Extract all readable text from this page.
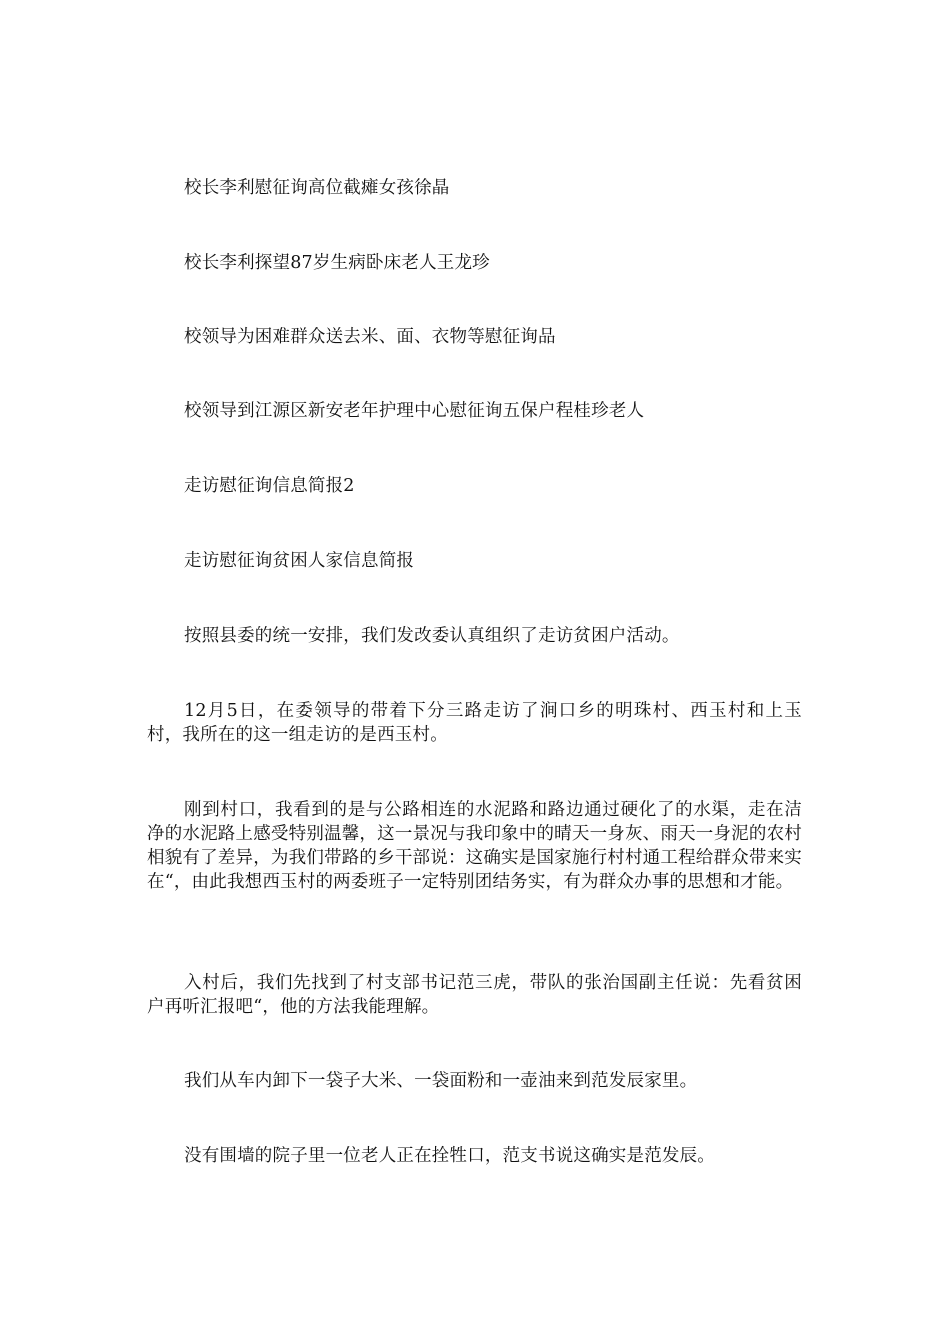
校长李利慰征询高位截瘫女孩徐晶

校长李利探望87岁生病卧床老人王龙珍

校领导为困难群众送去米、面、衣物等慰征询品

校领导到江源区新安老年护理中心慰征询五保户程桂珍老人

走访慰征询信息简报2

走访慰征询贫困人家信息简报

按照县委的统一安排，我们发改委认真组织了走访贫困户活动。

12月5日，在委领导的带着下分三路走访了涧口乡的明珠村、西玉村和上玉村，我所在的这一组走访的是西玉村。

刚到村口，我看到的是与公路相连的水泥路和路边通过硬化了的水渠，走在洁净的水泥路上感受特别温馨，这一景况与我印象中的晴天一身灰、雨天一身泥的农村相貌有了差异，为我们带路的乡干部说：这确实是国家施行村村通工程给群众带来实在“，由此我想西玉村的两委班子一定特别团结务实，有为群众办事的思想和才能。

入村后，我们先找到了村支部书记范三虎，带队的张治国副主任说：先看贫困户再听汇报吧“，他的方法我能理解。

我们从车内卸下一袋子大米、一袋面粉和一壶油来到范发辰家里。

没有围墙的院子里一位老人正在拴牲口，范支书说这确实是范发辰。
